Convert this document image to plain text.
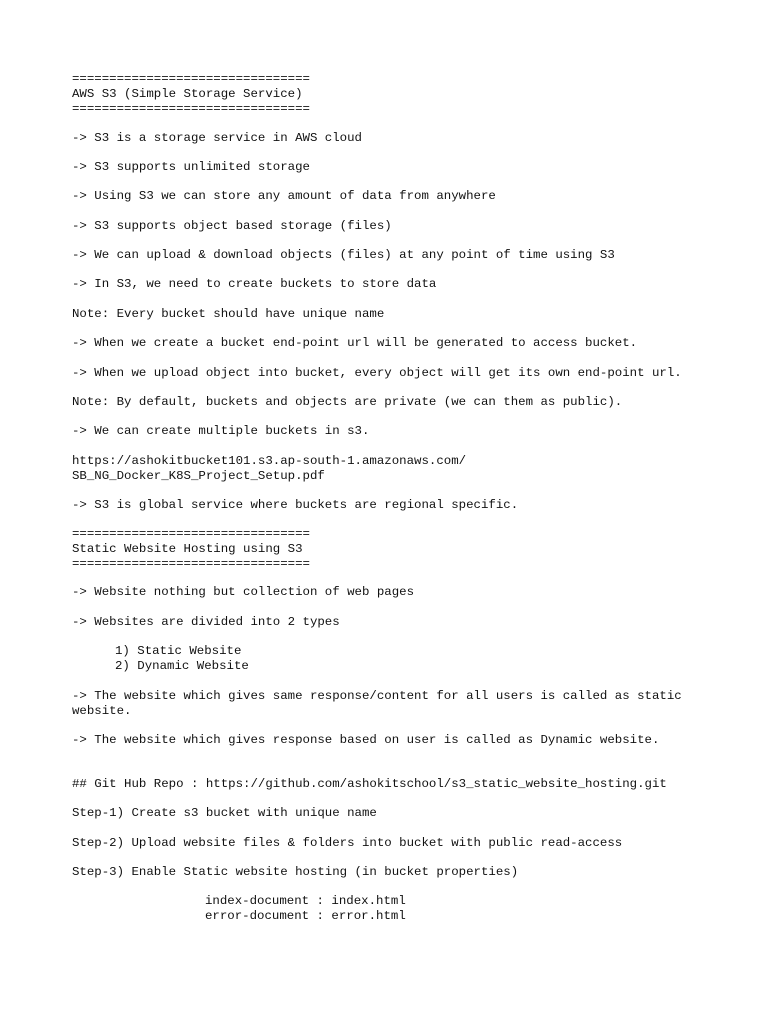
================================

AWS S3 (Simple Storage Service)

================================

-> S3 is a storage service in AWS cloud

-> S3 supports unlimited storage

-> Using S3 we can store any amount of data from anywhere

-> S3 supports object based storage (files)

-> We can upload & download objects (files) at any point of time using S3

-> In S3, we need to create buckets to store data

Note: Every bucket should have unique name

-> When we create a bucket end-point url will be generated to access bucket.

-> When we upload object into bucket, every object will get its own end-point url.

Note: By default, buckets and objects are private (we can them as public).

-> We can create multiple buckets in s3.

https://ashokitbucket101.s3.ap-south-1.amazonaws.com/

SB_NG_Docker_K8S_Project_Setup.pdf

-> S3 is global service where buckets are regional specific.

================================

Static Website Hosting using S3

================================

-> Website nothing but collection of web pages

-> Websites are divided into 2 types

1) Static Website

2) Dynamic Website

-> The website which gives same response/content for all users is called as static

website.

-> The website which gives response based on user is called as Dynamic website.

## Git Hub Repo : https://github.com/ashokitschool/s3_static_website_hosting.git

Step-1) Create s3 bucket with unique name

Step-2) Upload website files & folders into bucket with public read-access

Step-3) Enable Static website hosting (in bucket properties)

index-document : index.html

error-document : error.html
